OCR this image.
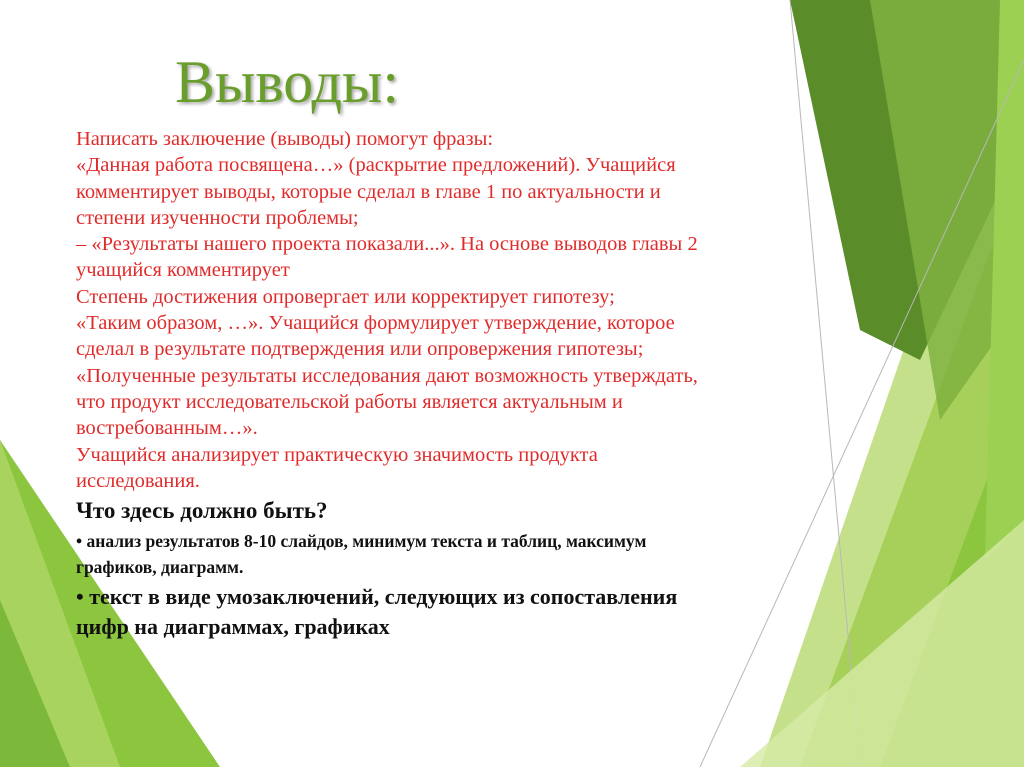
Выводы:
Написать заключение (выводы) помогут фразы:
«Данная работа посвящена…» (раскрытие предложений). Учащийся
комментирует выводы, которые сделал в главе 1 по актуальности и
степени изученности проблемы;
– «Результаты нашего проекта показали...». На основе выводов главы 2
учащийся комментирует
Степень достижения опровергает или корректирует гипотезу;
«Таким образом, …». Учащийся формулирует утверждение, которое
сделал в результате подтверждения или опровержения гипотезы;
«Полученные результаты исследования дают возможность утверждать,
что продукт исследовательской работы является актуальным и
востребованным…».
Учащийся анализирует практическую значимость продукта
исследования.
Что здесь должно быть?
• анализ результатов 8-10 слайдов, минимум текста и таблиц, максимум
графиков, диаграмм.
• текст в виде умозаключений, следующих из сопоставления
цифр на диаграммах, графиках
